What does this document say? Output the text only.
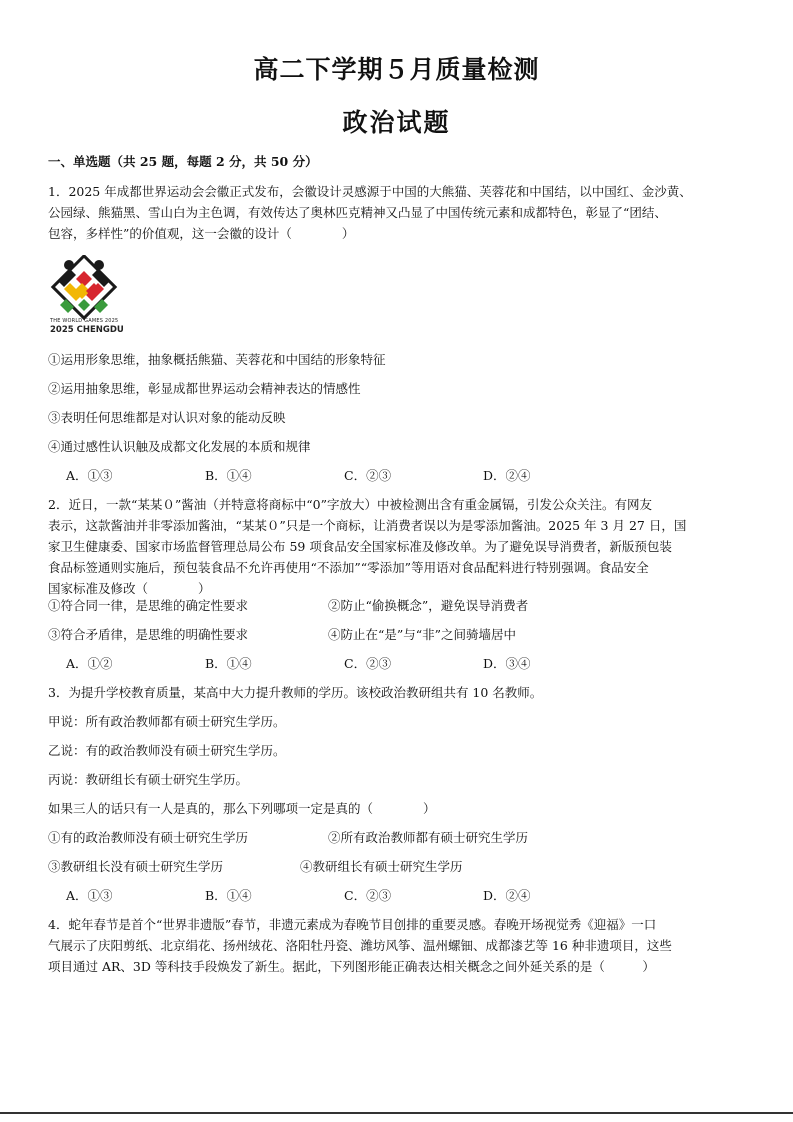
高二下学期５月质量检测
政治试题
一、单选题（共 25 题，每题 2 分，共 50 分）
1．2025 年成都世界运动会会徽正式发布，会徽设计灵感源于中国的大熊猫、芙蓉花和中国结，以中国红、金沙黄、
公园绿、熊猫黑、雪山白为主色调，有效传达了奥林匹克精神又凸显了中国传统元素和成都特色，彰显了“团结、
包容，多样性”的价值观，这一会徽的设计（　　　　）
THE WORLD GAMES 2025
2025 CHENGDU
①运用形象思维，抽象概括熊猫、芙蓉花和中国结的形象特征
②运用抽象思维，彰显成都世界运动会精神表达的情感性
③表明任何思维都是对认识对象的能动反映
④通过感性认识触及成都文化发展的本质和规律
A．①③	B．①④	C．②③	D．②④
2．近日，一款“某某０”酱油（并特意将商标中“0”字放大）中被检测出含有重金属镉，引发公众关注。有网友
表示，这款酱油并非零添加酱油，“某某０”只是一个商标，让消费者误以为是零添加酱油。2025 年 3 月 27 日，国
家卫生健康委、国家市场监督管理总局公布 59 项食品安全国家标准及修改单。为了避免误导消费者，新版预包装
食品标签通则实施后，预包装食品不允许再使用“不添加”“零添加”等用语对食品配料进行特别强调。食品安全
国家标准及修改（　　　　）
①符合同一律，是思维的确定性要求	②防止“偷换概念”，避免误导消费者
③符合矛盾律，是思维的明确性要求	④防止在“是”与“非”之间骑墙居中
A．①②	B．①④	C．②③	D．③④
3．为提升学校教育质量，某高中大力提升教师的学历。该校政治教研组共有 10 名教师。
甲说：所有政治教师都有硕士研究生学历。
乙说：有的政治教师没有硕士研究生学历。
丙说：教研组长有硕士研究生学历。
如果三人的话只有一人是真的，那么下列哪项一定是真的（　　　　）
①有的政治教师没有硕士研究生学历	②所有政治教师都有硕士研究生学历
③教研组长没有硕士研究生学历	④教研组长有硕士研究生学历
A．①③	B．①④	C．②③	D．②④
4．蛇年春节是首个“世界非遗版”春节，非遗元素成为春晚节目创排的重要灵感。春晚开场视觉秀《迎福》一口
气展示了庆阳剪纸、北京绢花、扬州绒花、洛阳牡丹瓷、潍坊风筝、温州螺钿、成都漆艺等 16 种非遗项目，这些
项目通过 AR、3D 等科技手段焕发了新生。据此，下列图形能正确表达相关概念之间外延关系的是（　　　）
